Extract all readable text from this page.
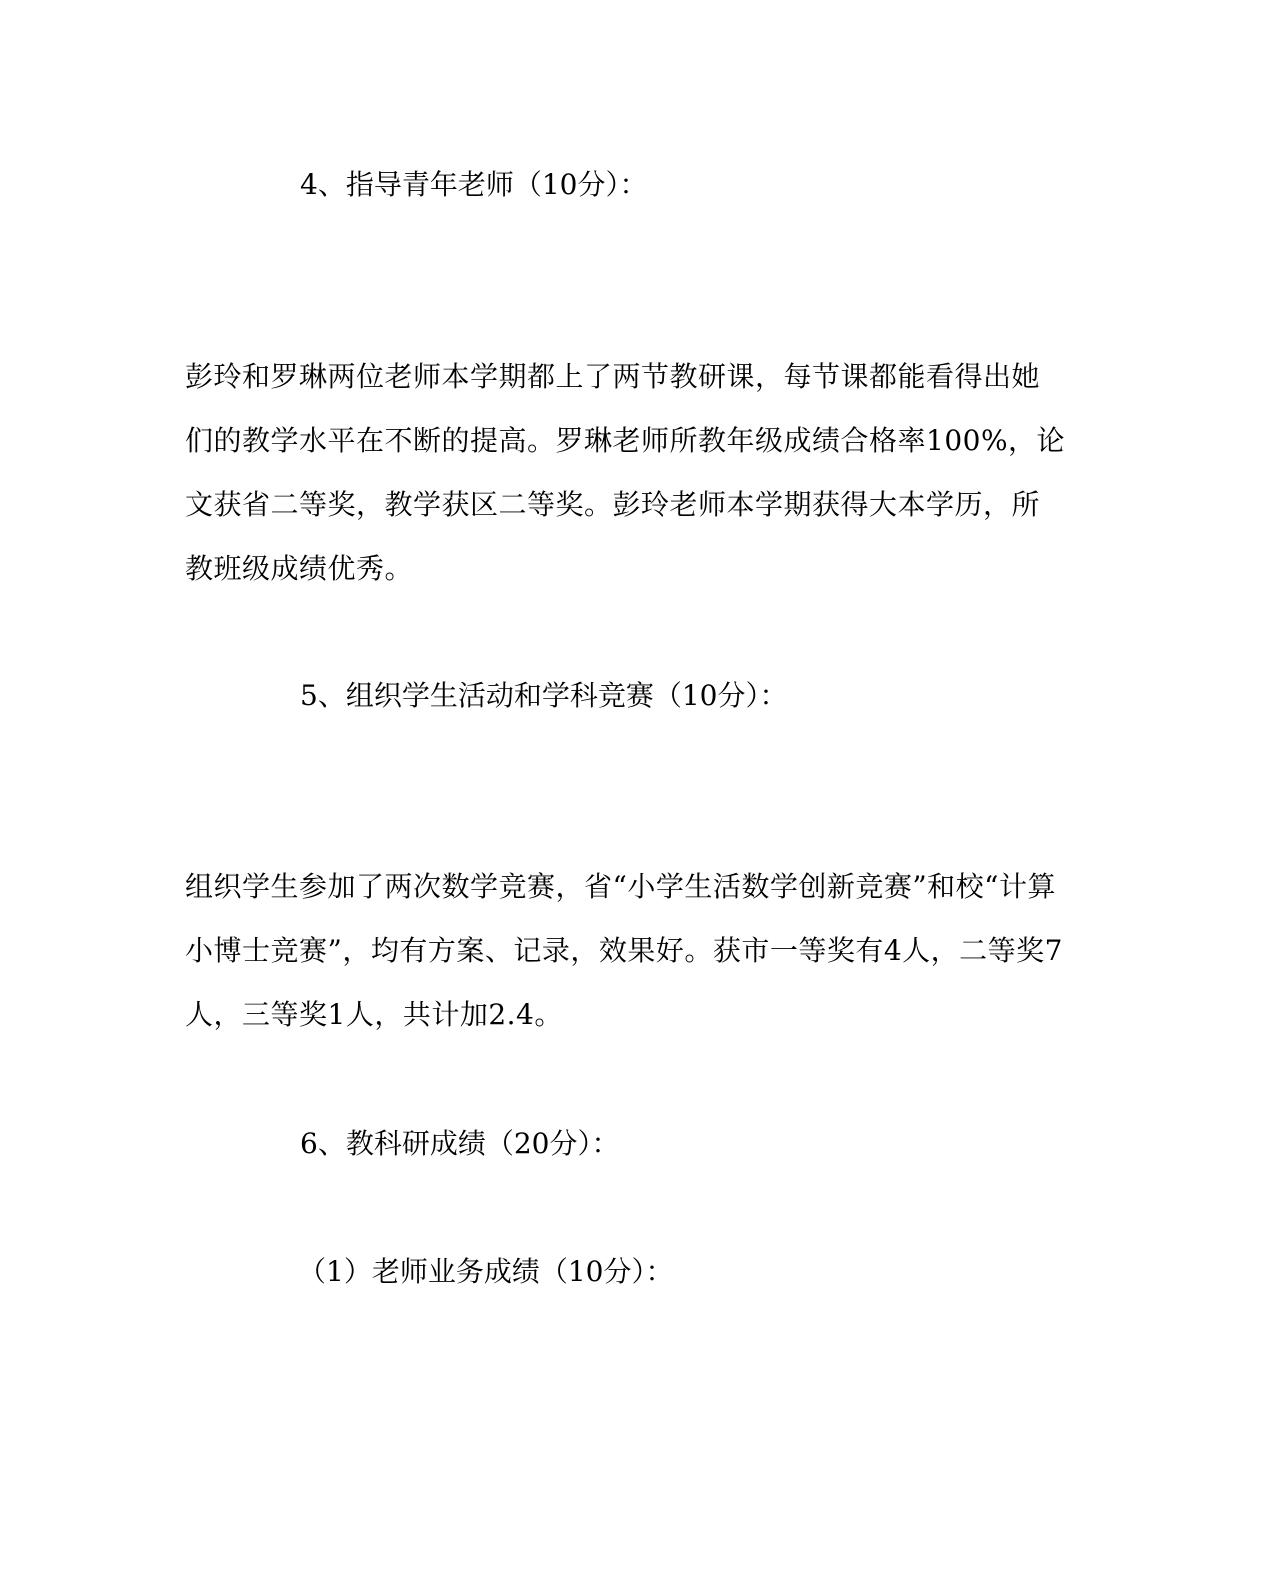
4、指导青年老师（10分）：
彭玲和罗琳两位老师本学期都上了两节教研课，每节课都能看得出她
们的教学水平在不断的提高。罗琳老师所教年级成绩合格率100%，论
文获省二等奖，教学获区二等奖。彭玲老师本学期获得大本学历，所
教班级成绩优秀。
5、组织学生活动和学科竞赛（10分）：
组织学生参加了两次数学竞赛，省“小学生活数学创新竞赛”和校“计算
小博士竞赛”，均有方案、记录，效果好。获市一等奖有4人，二等奖7
人，三等奖1人，共计加2.4。
6、教科研成绩（20分）：
（1）老师业务成绩（10分）：
